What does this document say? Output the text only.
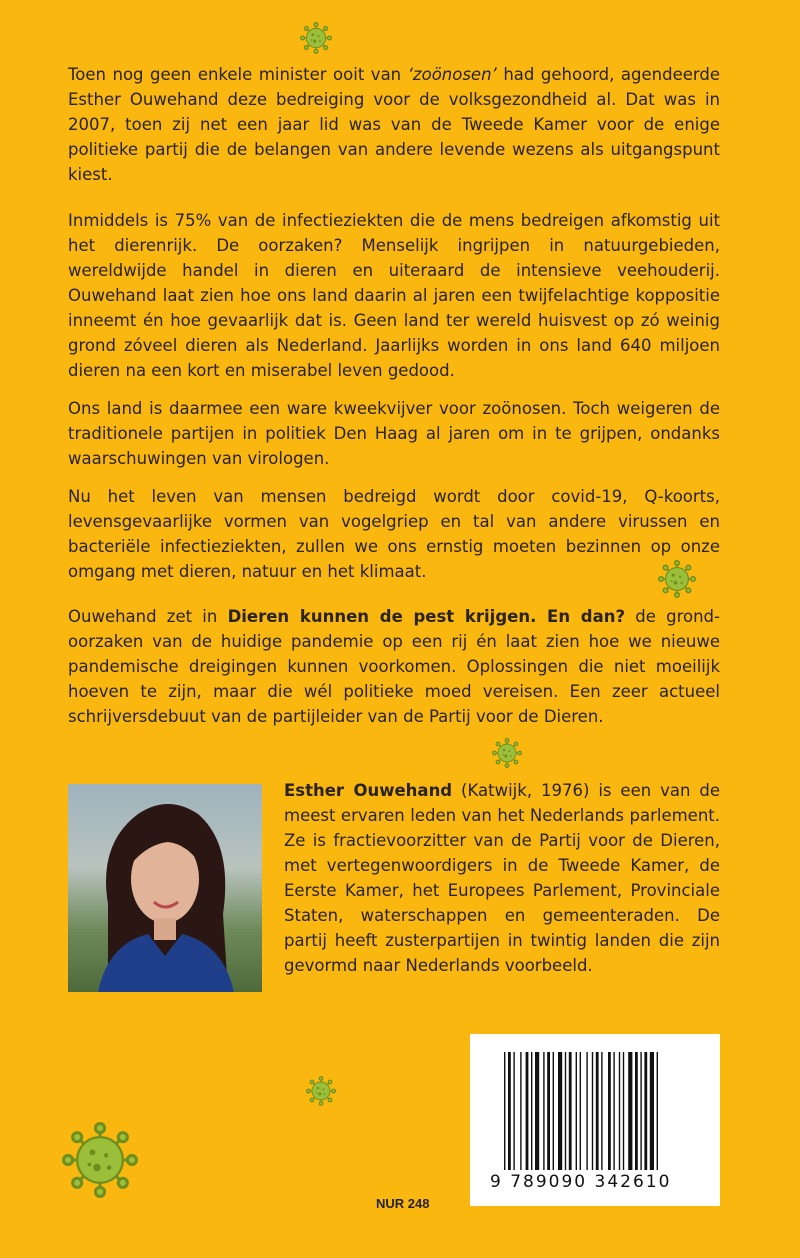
Toen nog geen enkele minister ooit van ‘zoönosen’ had gehoord, agendeerde Esther Ouwehand deze bedreiging voor de volksgezondheid al. Dat was in 2007, toen zij net een jaar lid was van de Tweede Kamer voor de enige politieke partij die de belangen van andere levende wezens als uitgangspunt kiest.

Inmiddels is 75% van de infectieziekten die de mens bedreigen afkomstig uit het dierenrijk. De oorzaken? Menselijk ingrijpen in natuurgebieden, wereldwijde handel in dieren en uiteraard de intensieve veehouderij. Ouwehand laat zien hoe ons land daarin al jaren een twijfelachtige koppositie inneemt én hoe gevaarlijk dat is. Geen land ter wereld huisvest op zó weinig grond zóveel dieren als Nederland. Jaarlijks worden in ons land 640 miljoen dieren na een kort en miserabel leven gedood.

Ons land is daarmee een ware kweekvijver voor zoönosen. Toch weigeren de traditionele partijen in politiek Den Haag al jaren om in te grijpen, ondanks waarschuwingen van virologen.

Nu het leven van mensen bedreigd wordt door covid-19, Q-koorts, levensgevaarlijke vormen van vogelgriep en tal van andere virussen en bacteriële infectieziekten, zullen we ons ernstig moeten bezinnen op onze omgang met dieren, natuur en het klimaat.

Ouwehand zet in Dieren kunnen de pest krijgen. En dan? de grondoorzaken van de huidige pandemie op een rij én laat zien hoe we nieuwe pandemische dreigingen kunnen voorkomen. Oplossingen die niet moeilijk hoeven te zijn, maar die wél politieke moed vereisen. Een zeer actueel schrijversdebuut van de partijleider van de Partij voor de Dieren.

Esther Ouwehand (Katwijk, 1976) is een van de meest ervaren leden van het Nederlands parlement. Ze is fractievoorzitter van de Partij voor de Dieren, met vertegenwoordigers in de Tweede Kamer, de Eerste Kamer, het Europees Parlement, Provinciale Staten, waterschappen en gemeenteraden. De partij heeft zusterpartijen in twintig landen die zijn gevormd naar Nederlands voorbeeld.

9 789090 342610
NUR 248
